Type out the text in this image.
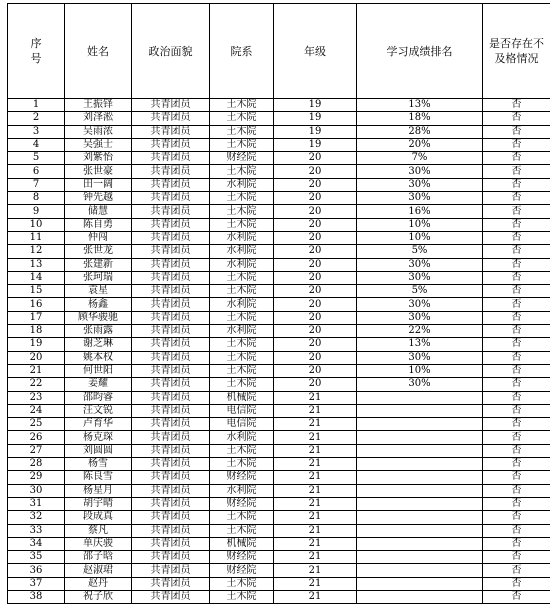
序号	姓名	政治面貌	院系	年级	学习成绩排名	是否存在不及格情况
1	王振铎	共青团员	土木院	19	13%	否
2	刘泽淞	共青团员	土木院	19	18%	否
3	吴雨浓	共青团员	土木院	19	28%	否
4	吴强士	共青团员	土木院	19	20%	否
5	刘紫怡	共青团员	财经院	20	7%	否
6	张世豪	共青团员	土木院	20	30%	否
7	田一阔	共青团员	水利院	20	30%	否
8	钟先越	共青团员	土木院	20	30%	否
9	储慧	共青团员	土木院	20	16%	否
10	陈自勇	共青团员	土木院	20	10%	否
11	仲闯	共青团员	水利院	20	10%	否
12	张世龙	共青团员	水利院	20	5%	否
13	张建新	共青团员	水利院	20	30%	否
14	张珂瑞	共青团员	土木院	20	30%	否
15	袁星	共青团员	土木院	20	5%	否
16	杨鑫	共青团员	水利院	20	30%	否
17	顾华骏驰	共青团员	土木院	20	30%	否
18	张雨露	共青团员	水利院	20	22%	否
19	谢芝琳	共青团员	土木院	20	13%	否
20	姚本权	共青团员	土木院	20	30%	否
21	何世阳	共青团员	土木院	20	10%	否
22	姜耀	共青团员	土木院	20	30%	否
23	邵昀睿	共青团员	机械院	21		否
24	汪文锐	共青团员	电信院	21		否
25	卢育华	共青团员	电信院	21		否
26	杨克琛	共青团员	水利院	21		否
27	刘圆圆	共青团员	土木院	21		否
28	杨雪	共青团员	土木院	21		否
29	陈良雪	共青团员	财经院	21		否
30	杨星月	共青团员	水利院	21		否
31	胡宇晴	共青团员	财经院	21		否
32	段成真	共青团员	土木院	21		否
33	蔡凡	共青团员	土木院	21		否
34	单庆骏	共青团员	机械院	21		否
35	邵子晗	共青团员	财经院	21		否
36	赵淑珺	共青团员	财经院	21		否
37	赵丹	共青团员	土木院	21		否
38	祝子欣	共青团员	土木院	21		否
